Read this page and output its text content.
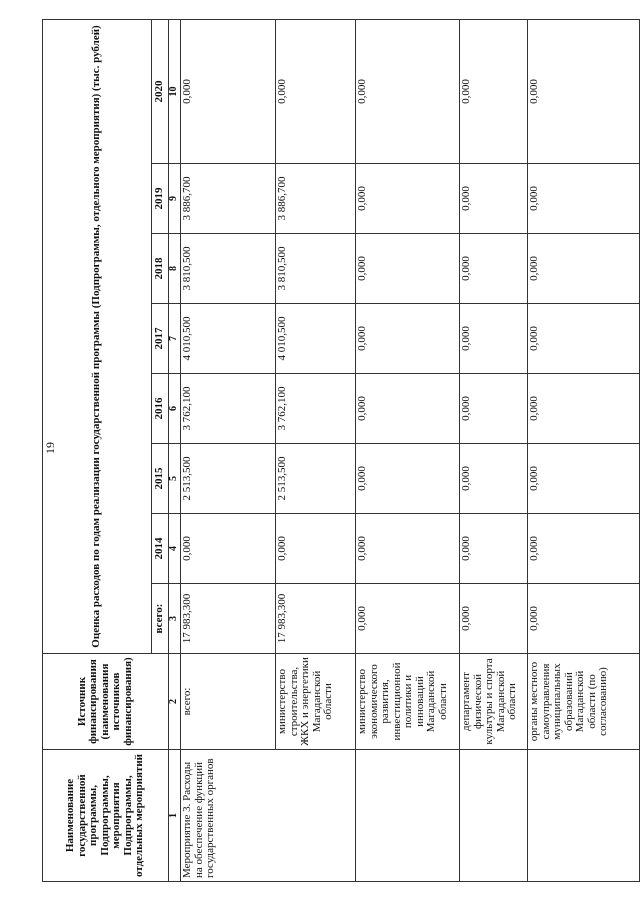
19
Наименование государственной программы, Подпрограммы, мероприятия Подпрограммы, отдельных мероприятий	Источник финансирования (наименования источников финансирования)	Оценка расходов по годам реализации государственной программы (Подпрограммы, отдельного мероприятия) (тыс. рублей)							
		всего:	2014	2015	2016	2017	2018	2019	2020
1	2	3	4	5	6	7	8	9	10
Мероприятие 3. Расходы на обеспечение функций государственных органов	всего:	17 983,300	0,000	2 513,500	3 762,100	4 010,500	3 810,500	3 886,700	0,000
	министерство строительства, ЖКХ и энергетики Магаданской области	17 983,300	0,000	2 513,500	3 762,100	4 010,500	3 810,500	3 886,700	0,000
	министерство экономического развития, инвестиционной политики и инноваций Магаданской области	0,000	0,000	0,000	0,000	0,000	0,000	0,000	0,000
	департамент физической культуры и спорта Магаданской области	0,000	0,000	0,000	0,000	0,000	0,000	0,000	0,000
	органы местного самоуправления муниципальных образований Магаданской области (по согласованию)	0,000	0,000	0,000	0,000	0,000	0,000	0,000	0,000
